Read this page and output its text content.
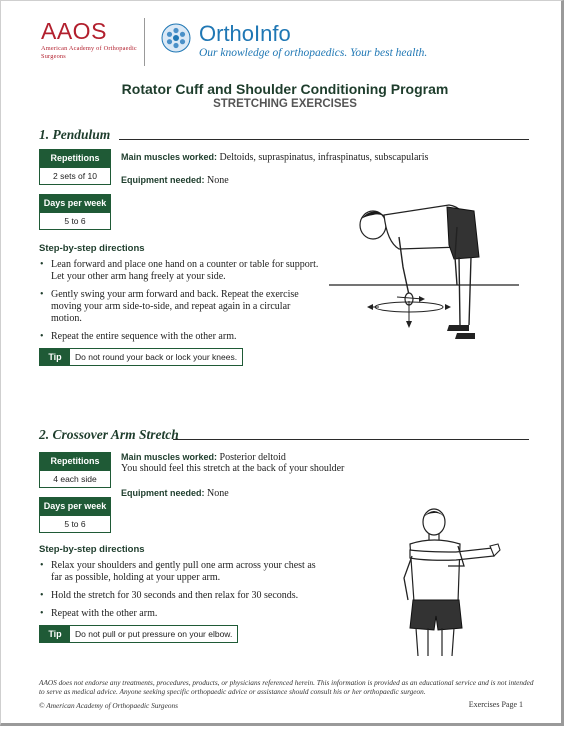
AAOS
American Academy of Orthopaedic Surgeons
OrthoInfo
Our knowledge of orthopaedics. Your best health.
Rotator Cuff and Shoulder Conditioning Program
STRETCHING EXERCISES
1. Pendulum
Repetitions
2 sets of 10
Days per week
5 to 6
Main muscles worked: Deltoids, supraspinatus, infraspinatus, subscapularis
Equipment needed: None
Step-by-step directions
• Lean forward and place one hand on a counter or table for support. Let your other arm hang freely at your side.
• Gently swing your arm forward and back. Repeat the exercise moving your arm side-to-side, and repeat again in a circular motion.
• Repeat the entire sequence with the other arm.
Tip	Do not round your back or lock your knees.
2. Crossover Arm Stretch
Repetitions
4 each side
Days per week
5 to 6
Main muscles worked: Posterior deltoid
You should feel this stretch at the back of your shoulder
Equipment needed: None
Step-by-step directions
• Relax your shoulders and gently pull one arm across your chest as far as possible, holding at your upper arm.
• Hold the stretch for 30 seconds and then relax for 30 seconds.
• Repeat with the other arm.
Tip	Do not pull or put pressure on your elbow.
AAOS does not endorse any treatments, procedures, products, or physicians referenced herein. This information is provided as an educational service and is not intended to serve as medical advice. Anyone seeking specific orthopaedic advice or assistance should consult his or her orthopaedic surgeon.
© American Academy of Orthopaedic Surgeons	Exercises Page 1
